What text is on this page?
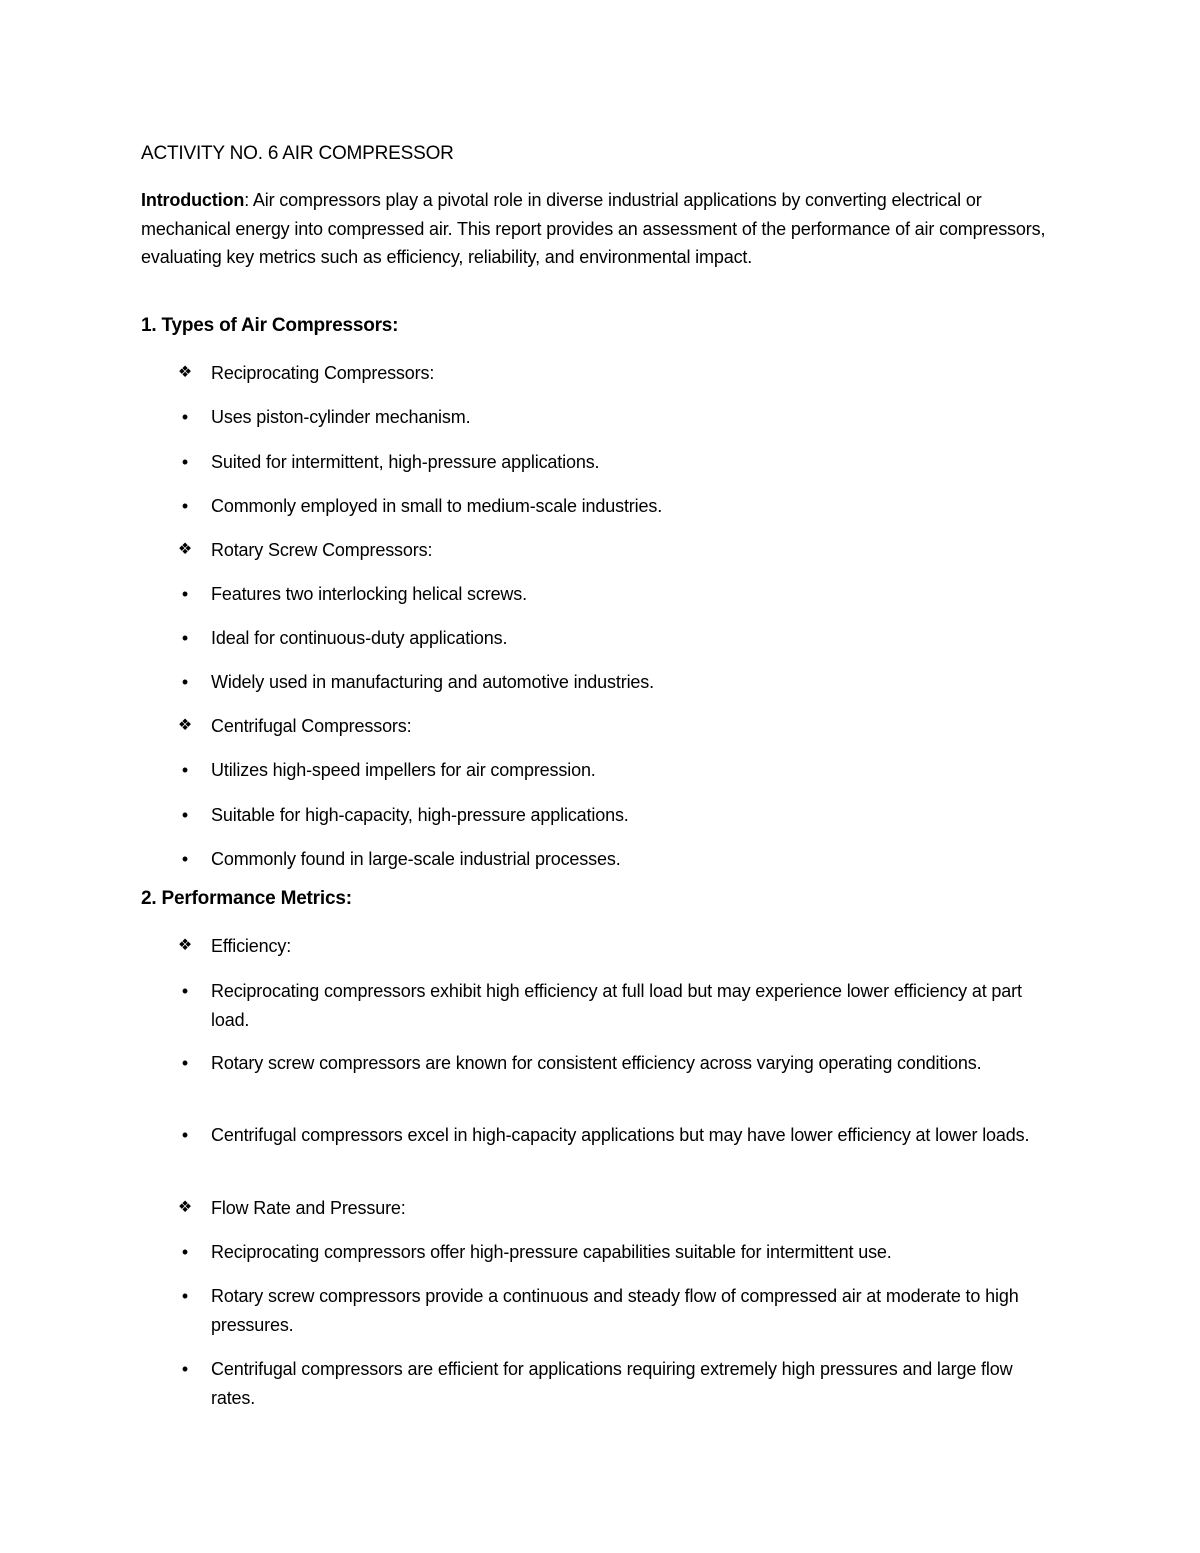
ACTIVITY NO. 6 AIR COMPRESSOR
Introduction: Air compressors play a pivotal role in diverse industrial applications by converting electrical or mechanical energy into compressed air. This report provides an assessment of the performance of air compressors, evaluating key metrics such as efficiency, reliability, and environmental impact.
1. Types of Air Compressors:
❖ Reciprocating Compressors:
•	Uses piston-cylinder mechanism.
•	Suited for intermittent, high-pressure applications.
•	Commonly employed in small to medium-scale industries.
❖ Rotary Screw Compressors:
•	Features two interlocking helical screws.
•	Ideal for continuous-duty applications.
•	Widely used in manufacturing and automotive industries.
❖ Centrifugal Compressors:
•	Utilizes high-speed impellers for air compression.
•	Suitable for high-capacity, high-pressure applications.
•	Commonly found in large-scale industrial processes.
2. Performance Metrics:
❖ Efficiency:
•	Reciprocating compressors exhibit high efficiency at full load but may experience lower efficiency at part load.
•	Rotary screw compressors are known for consistent efficiency across varying operating conditions.
•	Centrifugal compressors excel in high-capacity applications but may have lower efficiency at lower loads.
❖ Flow Rate and Pressure:
•	Reciprocating compressors offer high-pressure capabilities suitable for intermittent use.
•	Rotary screw compressors provide a continuous and steady flow of compressed air at moderate to high pressures.
•	Centrifugal compressors are efficient for applications requiring extremely high pressures and large flow rates.
